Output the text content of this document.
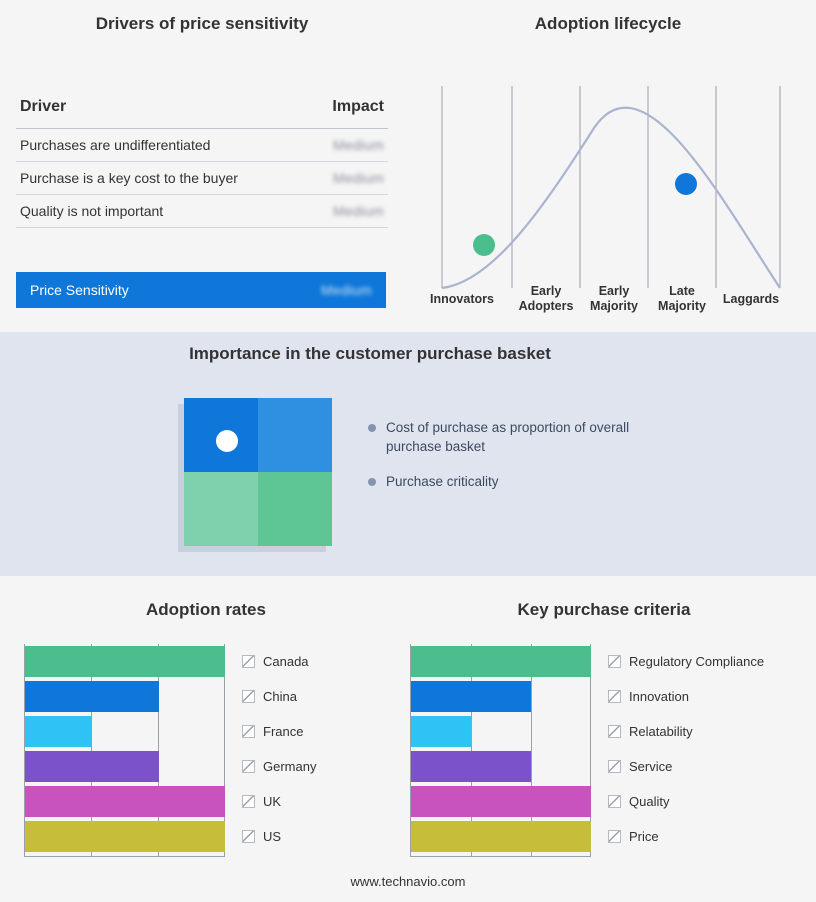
Drivers of price sensitivity
Driver	Impact
Purchases are undifferentiated	Medium
Purchase is a key cost to the buyer	Medium
Quality is not important	Medium
Price Sensitivity	Medium
Adoption lifecycle
Innovators
Early
Adopters
Early
Majority
Late
Majority	Laggards
Importance in the customer purchase basket
Cost of purchase as proportion of overall purchase basket
Purchase criticality
Adoption rates
Canada
China
France
Germany
UK
US
Key purchase criteria
Regulatory Compliance
Innovation
Relatability
Service
Quality
Price
www.technavio.com
